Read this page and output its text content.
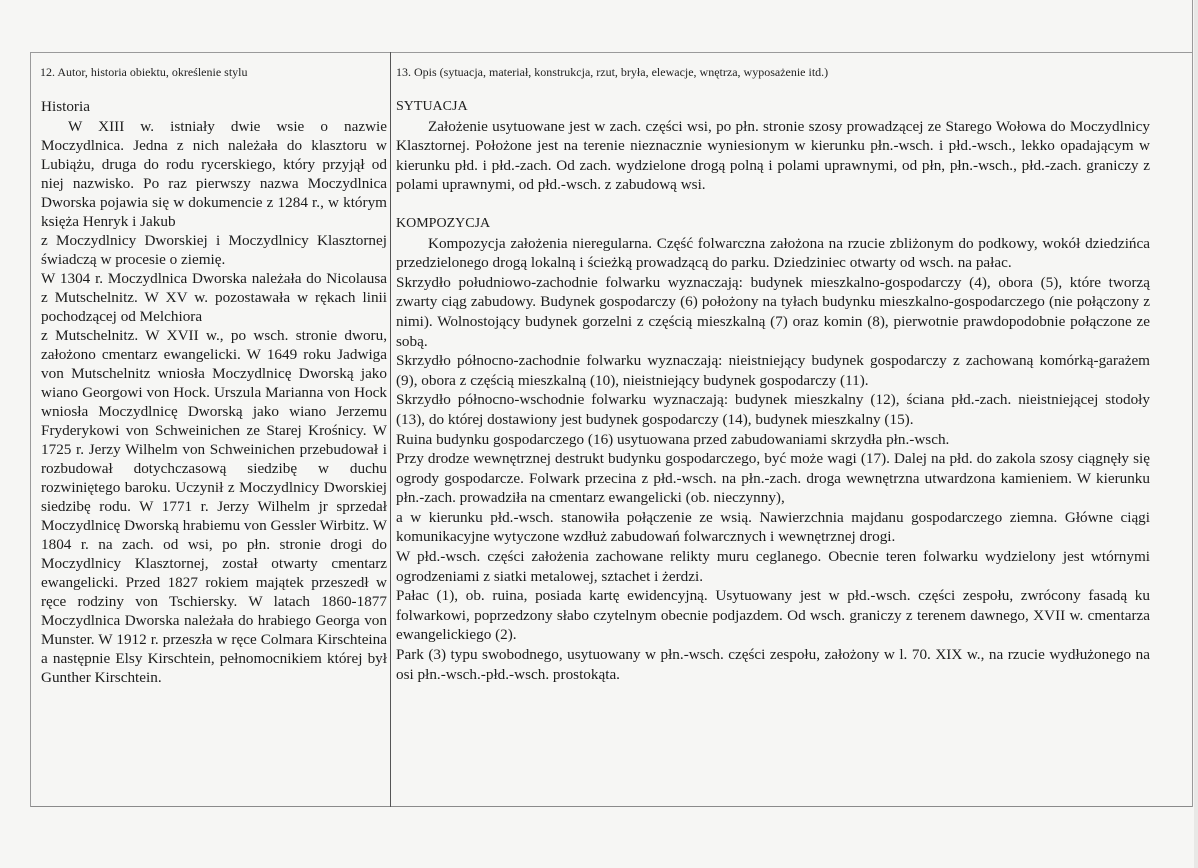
12. Autor, historia obiektu, określenie stylu	13. Opis (sytuacja, materiał, konstrukcja, rzut, bryła, elewacje, wnętrza, wyposażenie itd.)
Historia

W XIII w. istniały dwie wsie o nazwie Moczydlnica. Jedna z nich należała do klasztoru w Lubiążu, druga do rodu rycerskiego, który przyjął od niej nazwisko. Po raz pierwszy nazwa Moczydlnica Dworska pojawia się w dokumencie z 1284 r., w którym księża Henryk i Jakub

z Moczydlnicy Dworskiej i Moczydlnicy Klasztornej świadczą w procesie o ziemię.

W 1304 r. Moczydlnica Dworska należała do Nicolausa z Mutschelnitz. W XV w. pozostawała w rękach linii pochodzącej od Melchiora

z Mutschelnitz. W XVII w., po wsch. stronie dworu, założono cmentarz ewangelicki. W 1649 roku Jadwiga von Mutschelnitz wniosła Moczydlnicę Dworską jako wiano Georgowi von Hock. Urszula Marianna von Hock wniosła Moczydlnicę Dworską jako wiano Jerzemu Fryderykowi von Schweinichen ze Starej Krośnicy. W 1725 r. Jerzy Wilhelm von Schweinichen przebudował i rozbudował dotychczasową siedzibę w duchu rozwiniętego baroku. Uczynił z Moczydlnicy Dworskiej siedzibę rodu. W 1771 r. Jerzy Wilhelm jr sprzedał Moczydlnicę Dworską hrabiemu von Gessler Wirbitz. W 1804 r. na zach. od wsi, po płn. stronie drogi do Moczydlnicy Klasztornej, został otwarty cmentarz ewangelicki. Przed 1827 rokiem majątek przeszedł w ręce rodziny von Tschiersky. W latach 1860-1877 Moczydlnica Dworska należała do hrabiego Georga von Munster. W 1912 r. przeszła w ręce Colmara Kirschteina a następnie Elsy Kirschtein, pełnomocnikiem której był Gunther Kirschtein.

SYTUACJA

Założenie usytuowane jest w zach. części wsi, po płn. stronie szosy prowadzącej ze Starego Wołowa do Moczydlnicy Klasztornej. Położone jest na terenie nieznacznie wyniesionym w kierunku płn.-wsch. i płd.-wsch., lekko opadającym w kierunku płd. i płd.-zach. Od zach. wydzielone drogą polną i polami uprawnymi, od płn, płn.-wsch., płd.-zach. graniczy z polami uprawnymi, od płd.-wsch. z zabudową wsi.

KOMPOZYCJA

Kompozycja założenia nieregularna. Część folwarczna założona na rzucie zbliżonym do podkowy, wokół dziedzińca przedzielonego drogą lokalną i ścieżką prowadzącą do parku. Dziedziniec otwarty od wsch. na pałac.

Skrzydło południowo-zachodnie folwarku wyznaczają: budynek mieszkalno-gospodarczy (4), obora (5), które tworzą zwarty ciąg zabudowy. Budynek gospodarczy (6) położony na tyłach budynku mieszkalno-gospodarczego (nie połączony z nimi). Wolnostojący budynek gorzelni z częścią mieszkalną (7) oraz komin (8), pierwotnie prawdopodobnie połączone ze sobą.

Skrzydło północno-zachodnie folwarku wyznaczają: nieistniejący budynek gospodarczy z zachowaną komórką-garażem (9), obora z częścią mieszkalną (10), nieistniejący budynek gospodarczy (11).

Skrzydło północno-wschodnie folwarku wyznaczają: budynek mieszkalny (12), ściana płd.-zach. nieistniejącej stodoły (13), do której dostawiony jest budynek gospodarczy (14), budynek mieszkalny (15).

Ruina budynku gospodarczego (16) usytuowana przed zabudowaniami skrzydła płn.-wsch.

Przy drodze wewnętrznej destrukt budynku gospodarczego, być może wagi (17). Dalej na płd. do zakola szosy ciągnęły się ogrody gospodarcze. Folwark przecina z płd.-wsch. na płn.-zach. droga wewnętrzna utwardzona kamieniem. W kierunku płn.-zach. prowadziła na cmentarz ewangelicki (ob. nieczynny),

a w kierunku płd.-wsch. stanowiła połączenie ze wsią. Nawierzchnia majdanu gospodarczego ziemna. Główne ciągi komunikacyjne wytyczone wzdłuż zabudowań folwarcznych i wewnętrznej drogi.

W płd.-wsch. części założenia zachowane relikty muru ceglanego. Obecnie teren folwarku wydzielony jest wtórnymi ogrodzeniami z siatki metalowej, sztachet i żerdzi.

Pałac (1), ob. ruina, posiada kartę ewidencyjną. Usytuowany jest w płd.-wsch. części zespołu, zwrócony fasadą ku folwarkowi, poprzedzony słabo czytelnym obecnie podjazdem. Od wsch. graniczy z terenem dawnego, XVII w. cmentarza ewangelickiego (2).

Park (3) typu swobodnego, usytuowany w płn.-wsch. części zespołu, założony w l. 70. XIX w., na rzucie wydłużonego na osi płn.-wsch.-płd.-wsch. prostokąta.
